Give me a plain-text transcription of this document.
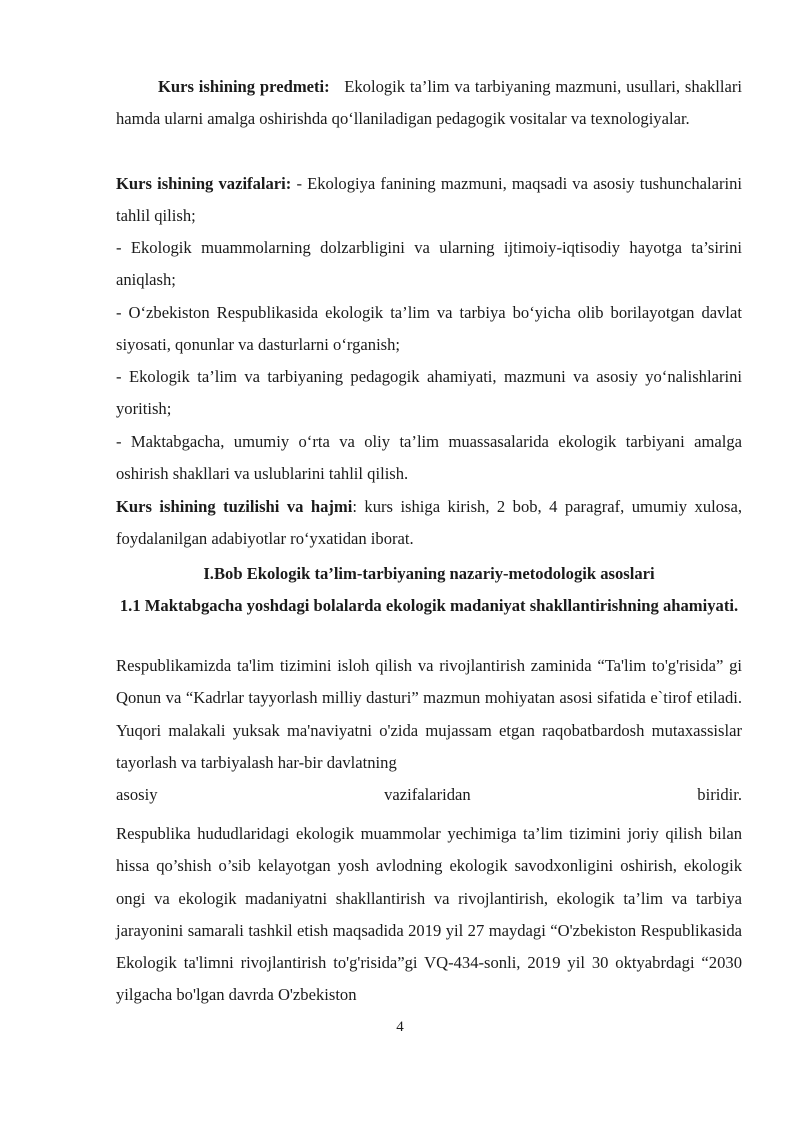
Kurs ishining predmeti: Ekologik ta’lim va tarbiyaning mazmuni, usullari, shakllari hamda ularni amalga oshirishda qo‘llaniladigan pedagogik vositalar va texnologiyalar.

Kurs ishining vazifalari: - Ekologiya fanining mazmuni, maqsadi va asosiy tushunchalarini tahlil qilish;

- Ekologik muammolarning dolzarbligini va ularning ijtimoiy-iqtisodiy hayotga ta’sirini aniqlash;

- O‘zbekiston Respublikasida ekologik ta’lim va tarbiya bo‘yicha olib borilayotgan davlat siyosati, qonunlar va dasturlarni o‘rganish;

- Ekologik ta’lim va tarbiyaning pedagogik ahamiyati, mazmuni va asosiy yo‘nalishlarini yoritish;

- Maktabgacha, umumiy o‘rta va oliy ta’lim muassasalarida ekologik tarbiyani amalga oshirish shakllari va uslublarini tahlil qilish.

Kurs ishining tuzilishi va hajmi: kurs ishiga kirish, 2 bob, 4 paragraf, umumiy xulosa, foydalanilgan adabiyotlar ro‘yxatidan iborat.

I.Bob Ekologik ta’lim-tarbiyaning nazariy-metodologik asoslari

1.1 Maktabgacha yoshdagi bolalarda ekologik madaniyat shakllantirishning ahamiyati.

Respublikamizda ta'lim tizimini isloh qilish va rivojlantirish zaminida “Ta'lim to'g'risida” gi Qonun va “Kadrlar tayyorlash milliy dasturi” mazmun mohiyatan asosi sifatida e`tirof etiladi. Yuqori malakali yuksak ma'naviyatni o'zida mujassam etgan raqobatbardosh mutaxassislar tayorlash va tarbiyalash har-bir davlatning
asosiy	vazifalaridan	biridir.

Respublika hududlaridagi ekologik muammolar yechimiga ta’lim tizimini joriy qilish bilan hissa qo’shish o’sib kelayotgan yosh avlodning ekologik savodxonligini oshirish, ekologik ongi va ekologik madaniyatni shakllantirish va rivojlantirish, ekologik ta’lim va tarbiya jarayonini samarali tashkil etish maqsadida 2019 yil 27 maydagi “O'zbekiston Respublikasida Ekologik ta'limni rivojlantirish to'g'risida”gi VQ-434-sonli, 2019 yil 30 oktyabrdagi “2030 yilgacha bo'lgan davrda O'zbekiston

4
